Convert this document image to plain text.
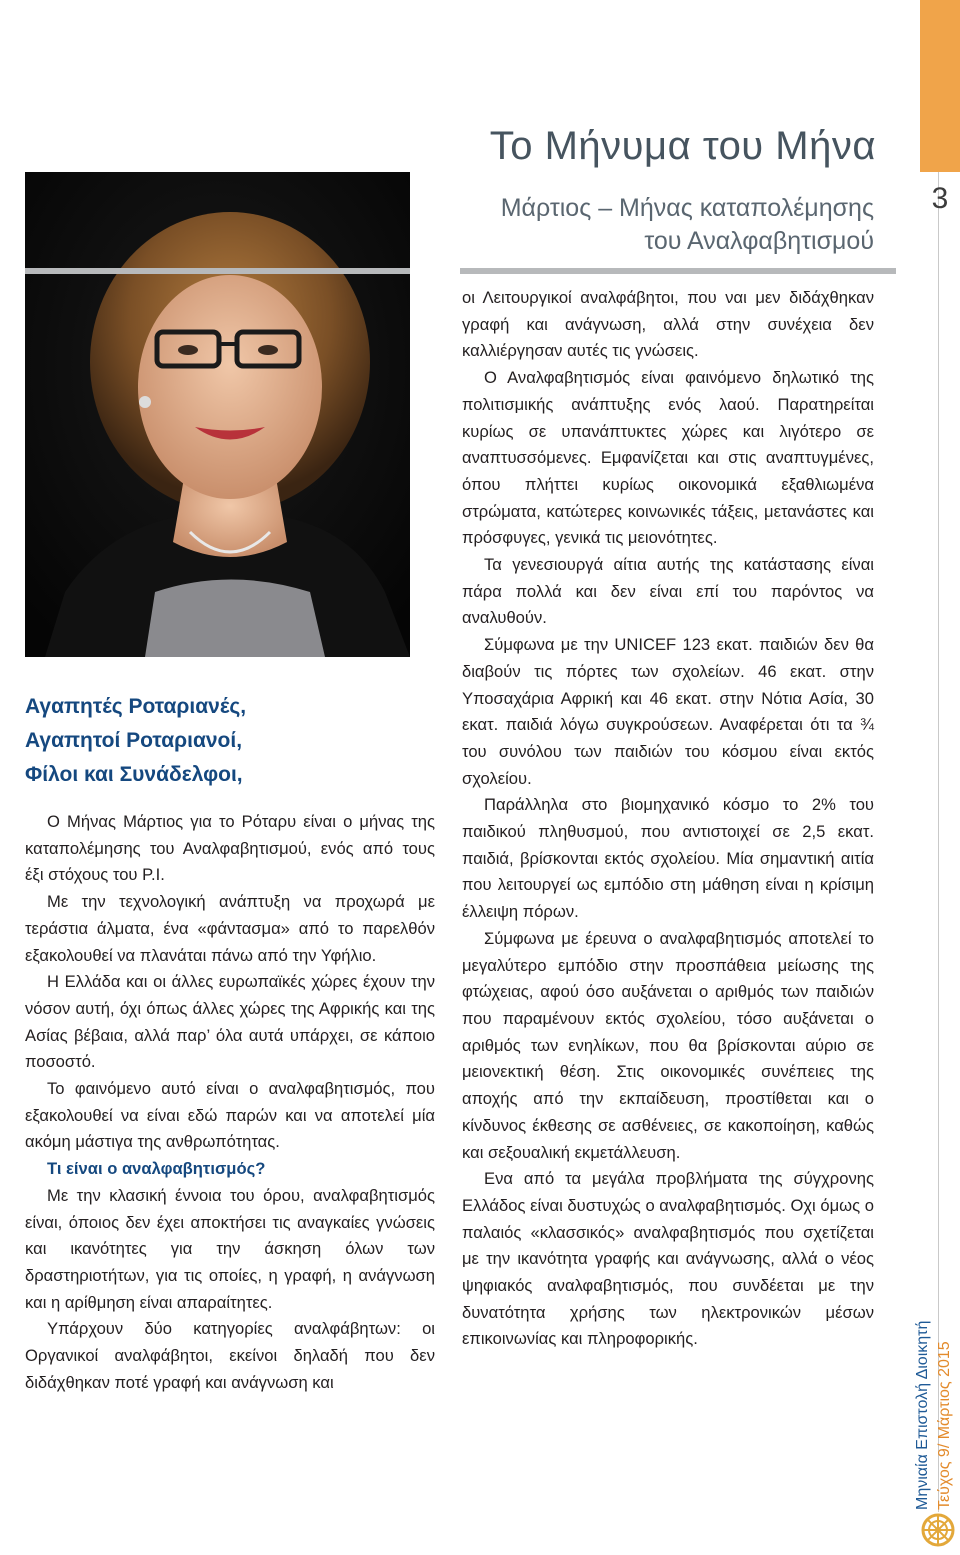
3
Μηνιαία Επιστολή Διοικητή Τεύχος 9/ Μάρτιος 2015
Το Μήνυμα του Μήνα
Μάρτιος – Μήνας καταπολέμησης
του Αναλφαβητισμού
Αγαπητές Ροταριανές,
Αγαπητοί Ροταριανοί,
Φίλοι και Συνάδελφοι,

Ο Μήνας Μάρτιος για το Ρόταρυ είναι ο μήνας της καταπολέμησης του Αναλφαβητισμού, ενός από τους έξι στόχους του Ρ.Ι.

Με την τεχνολογική ανάπτυξη να προχωρά με τεράστια άλματα, ένα «φάντασμα» από το παρελθόν εξακολουθεί να πλανάται πάνω από την Υφήλιο.

Η Ελλάδα και οι άλλες ευρωπαϊκές χώρες έχουν την νόσον αυτή, όχι όπως άλλες χώρες της Αφρικής και της Ασίας βέβαια, αλλά παρ’ όλα αυτά υπάρχει, σε κάποιο ποσοστό.

Το φαινόμενο αυτό είναι ο αναλφαβητισμός, που εξακολουθεί να είναι εδώ παρών και να αποτελεί μία ακόμη μάστιγα της ανθρωπότητας.

Τι είναι ο αναλφαβητισμός?

Με την κλασική έννοια του όρου, αναλφαβητισμός είναι, όποιος δεν έχει αποκτήσει τις αναγκαίες γνώσεις και ικανότητες για την άσκηση όλων των δραστηριοτήτων, για τις οποίες, η γραφή, η ανάγνωση και η αρίθμηση είναι απαραίτητες.

Υπάρχουν δύο κατηγορίες αναλφάβητων: οι Οργανικοί αναλφάβητοι, εκείνοι δηλαδή που δεν διδάχθηκαν ποτέ γραφή και ανάγνωση και

οι Λειτουργικοί αναλφάβητοι, που ναι μεν διδάχθηκαν γραφή και ανάγνωση, αλλά στην συνέχεια δεν καλλιέργησαν αυτές τις γνώσεις.

Ο Αναλφαβητισμός είναι φαινόμενο δηλωτικό της πολιτισμικής ανάπτυξης ενός λαού. Παρατηρείται κυρίως σε υπανάπτυκτες χώρες και λιγότερο σε αναπτυσσόμενες. Εμφανίζεται και στις αναπτυγμένες, όπου πλήττει κυρίως οικονομικά εξαθλιωμένα στρώματα, κατώτερες κοινωνικές τάξεις, μετανάστες και πρόσφυγες, γενικά τις μειονότητες.

Τα γενεσιουργά αίτια αυτής της κατάστασης είναι πάρα πολλά και δεν είναι επί του παρόντος να αναλυθούν.

Σύμφωνα με την UNICEF 123 εκατ. παιδιών δεν θα διαβούν τις πόρτες των σχολείων. 46 εκατ. στην Υποσαχάρια Αφρική και 46 εκατ. στην Νότια Ασία, 30 εκατ. παιδιά λόγω συγκρούσεων. Αναφέρεται ότι τα ¾ του συνόλου των παιδιών του κόσμου είναι εκτός σχολείου.

Παράλληλα στο βιομηχανικό κόσμο το 2% του παιδικού πληθυσμού, που αντιστοιχεί σε 2,5 εκατ. παιδιά, βρίσκονται εκτός σχολείου. Μία σημαντική αιτία που λειτουργεί ως εμπόδιο στη μάθηση είναι η κρίσιμη έλλειψη πόρων.

Σύμφωνα με έρευνα ο αναλφαβητισμός αποτελεί το μεγαλύτερο εμπόδιο στην προσπάθεια μείωσης της φτώχειας, αφού όσο αυξάνεται ο αριθμός των παιδιών που παραμένουν εκτός σχολείου, τόσο αυξάνεται ο αριθμός των ενηλίκων, που θα βρίσκονται αύριο σε μειονεκτική θέση. Στις οικονομικές συνέπειες της αποχής από την εκπαίδευση, προστίθεται και ο κίνδυνος έκθεσης σε ασθένειες, σε κακοποίηση, καθώς και σεξουαλική εκμετάλλευση.

Ενα από τα μεγάλα προβλήματα της σύγχρονης Ελλάδος είναι δυστυχώς ο αναλφαβητισμός. Οχι όμως ο παλαιός «κλασσικός» αναλφαβητισμός που σχετίζεται με την ικανότητα γραφής και ανάγνωσης, αλλά ο νέος ψηφιακός αναλφαβητισμός, που συνδέεται με την δυνατότητα χρήσης των ηλεκτρονικών μέσων επικοινωνίας και πληροφορικής.
